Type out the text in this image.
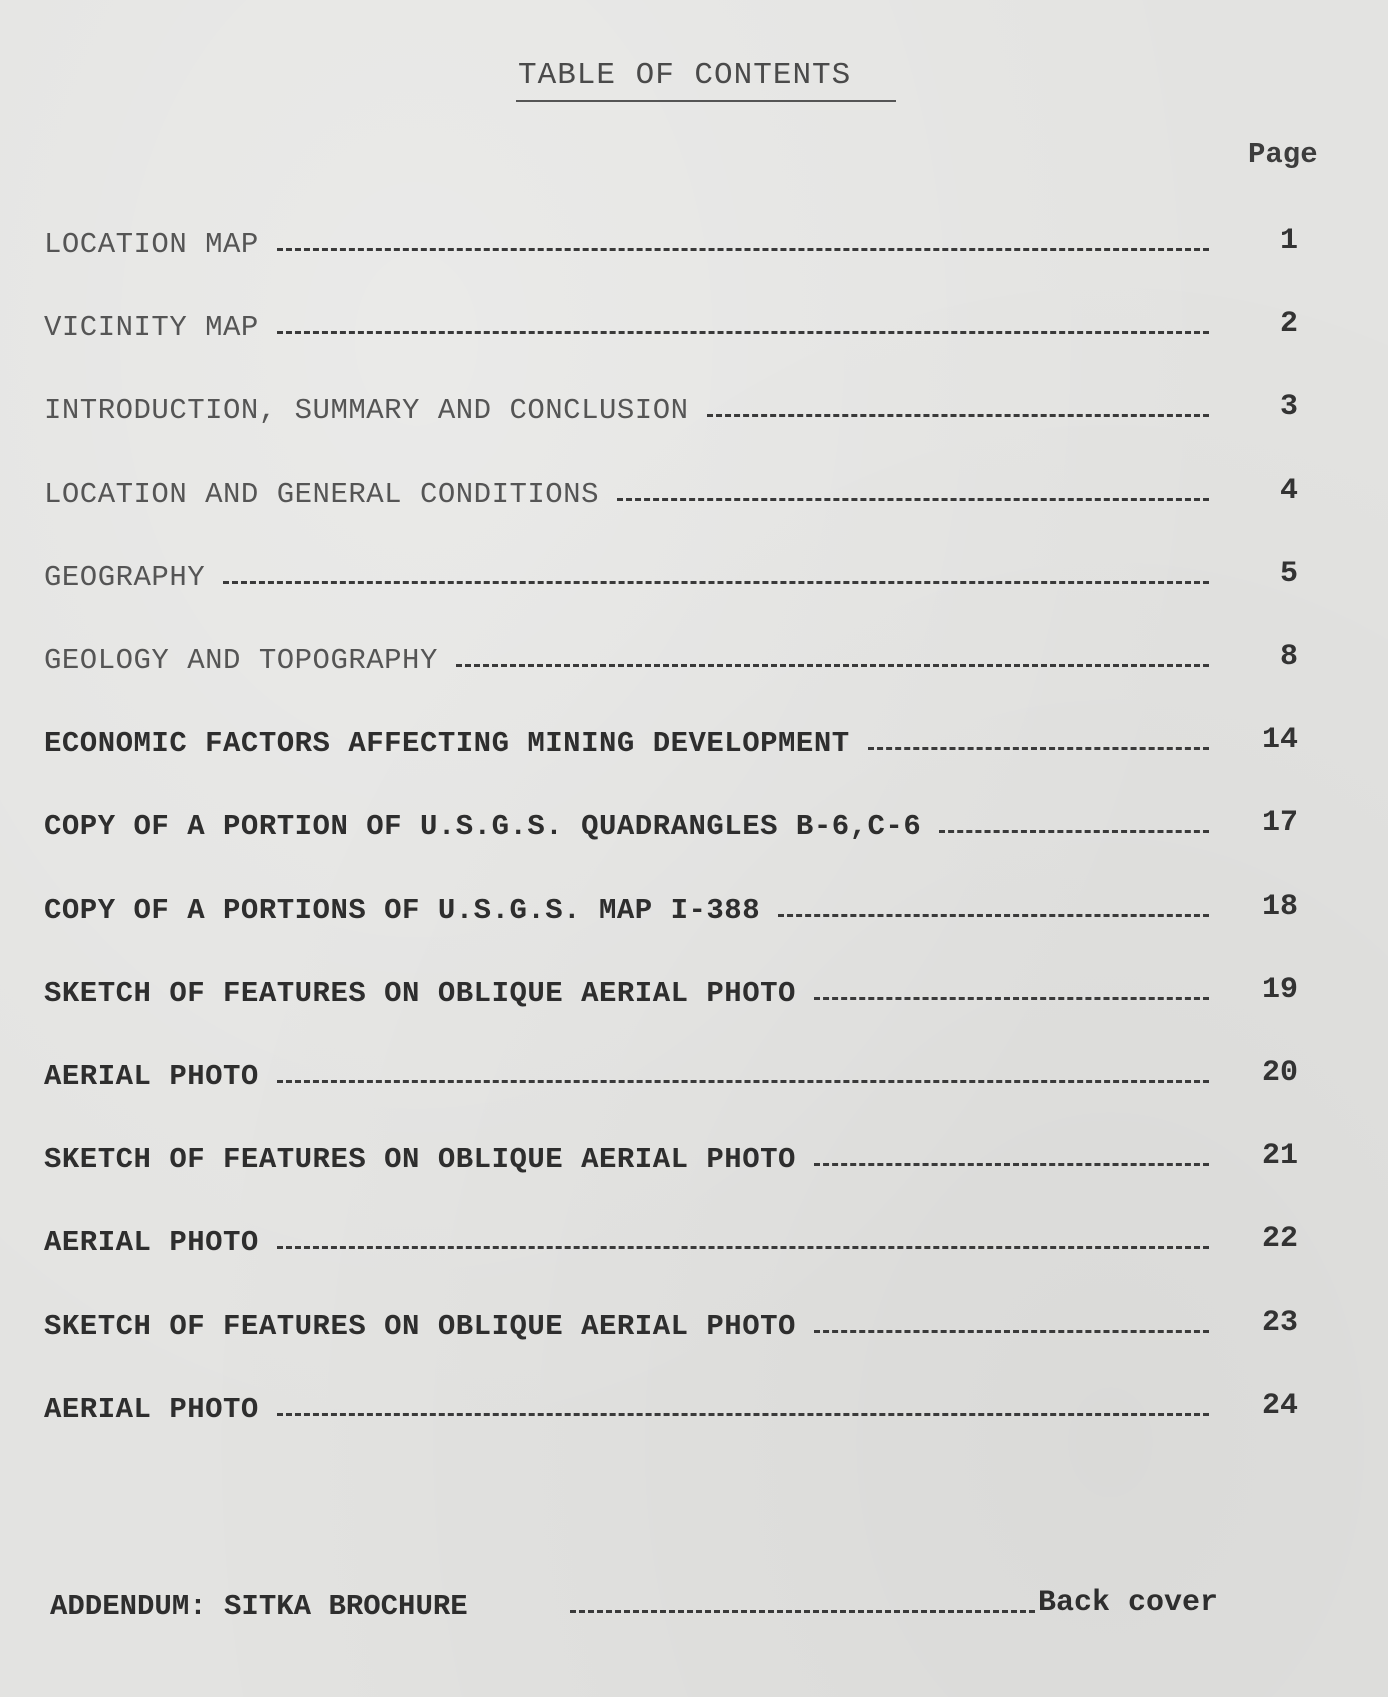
TABLE OF CONTENTS
Page
LOCATION MAP	1
VICINITY MAP	2
INTRODUCTION, SUMMARY AND CONCLUSION	3
LOCATION AND GENERAL CONDITIONS	4
GEOGRAPHY	5
GEOLOGY AND TOPOGRAPHY	8
ECONOMIC FACTORS AFFECTING MINING DEVELOPMENT	14
COPY OF A PORTION OF U.S.G.S. QUADRANGLES B-6,C-6	17
COPY OF A PORTIONS OF U.S.G.S. MAP I-388	18
SKETCH OF FEATURES ON OBLIQUE AERIAL PHOTO	19
AERIAL PHOTO	20
SKETCH OF FEATURES ON OBLIQUE AERIAL PHOTO	21
AERIAL PHOTO	22
SKETCH OF FEATURES ON OBLIQUE AERIAL PHOTO	23
AERIAL PHOTO	24
ADDENDUM: SITKA BROCHURE	Back cover
